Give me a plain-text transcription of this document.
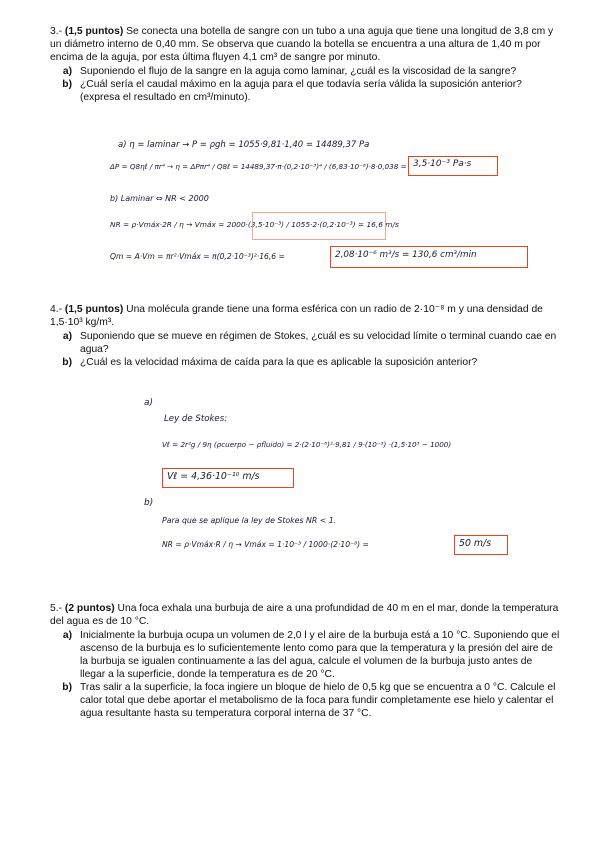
3.- (1,5 puntos) Se conecta una botella de sangre con un tubo a una aguja que tiene una longitud de 3,8 cm y un diámetro interno de 0,40 mm. Se observa que cuando la botella se encuentra a una altura de 1,40 m por encima de la aguja, por esta última fluyen 4,1 cm³ de sangre por minuto.

a) Suponiendo el flujo de la sangre en la aguja como laminar, ¿cuál es la viscosidad de la sangre?
b) ¿Cuál sería el caudal máximo en la aguja para el que todavía sería válida la suposición anterior? (expresa el resultado en cm³/minuto).
a) η = laminar → P = ρgh = 1055·9,81·1,40 = 14489,37 Pa
ΔP = Q8ηℓ / πr⁴ → η = ΔPπr⁴ / Q8ℓ = 14489,37·π·(0,2·10⁻³)⁴ / (6,83·10⁻⁸)·8·0,038 = 3,5·10⁻³ Pa·s
b) Laminar ⇔ NR < 2000
NR = ρ·Vmáx·2R / η → Vmáx = 2000·(3,5·10⁻³) / 1055·2·(0,2·10⁻³) = 16,6 m/s
Qm = A·Vm = πr²·Vmáx = π(0,2·10⁻³)²·16,6 =	2,08·10⁻⁶ m³/s = 130,6 cm³/min

4.- (1,5 puntos) Una molécula grande tiene una forma esférica con un radio de 2·10⁻⁸ m y una densidad de 1,5·10³ kg/m³.

a) Suponiendo que se mueve en régimen de Stokes, ¿cuál es su velocidad límite o terminal cuando cae en agua?
b) ¿Cuál es la velocidad máxima de caída para la que es aplicable la suposición anterior?
a)
Ley de Stokes:
Vℓ = 2r²g / 9η (ρcuerpo − ρfluido) = 2·(2·10⁻⁸)²·9,81 / 9·(10⁻³) ·(1,5·10³ − 1000)
Vℓ = 4,36·10⁻¹⁰ m/s
b)
Para que se aplique la ley de Stokes NR < 1.
NR = ρ·Vmáx·R / η → Vmáx = 1·10⁻³ / 1000·(2·10⁻⁸) =	50 m/s

5.- (2 puntos) Una foca exhala una burbuja de aire a una profundidad de 40 m en el mar, donde la temperatura del agua es de 10 °C.

a) Inicialmente la burbuja ocupa un volumen de 2,0 l y el aire de la burbuja está a 10 °C. Suponiendo que el ascenso de la burbuja es lo suficientemente lento como para que la temperatura y la presión del aire de la burbuja se igualen continuamente a las del agua, calcule el volumen de la burbuja justo antes de llegar a la superficie, donde la temperatura es de 20 °C.
b) Tras salir a la superficie, la foca ingiere un bloque de hielo de 0,5 kg que se encuentra a 0 °C. Calcule el calor total que debe aportar el metabolismo de la foca para fundir completamente ese hielo y calentar el agua resultante hasta su temperatura corporal interna de 37 °C.
